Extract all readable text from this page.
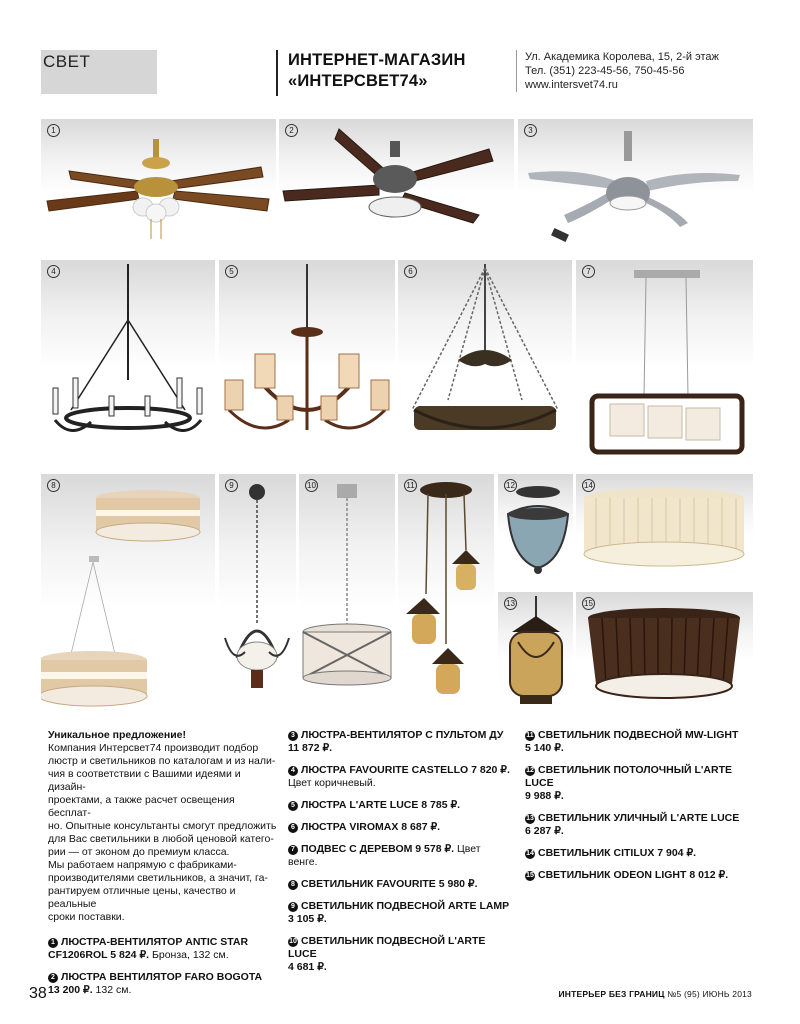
СВЕТ	ИНТЕРНЕТ-МАГАЗИН
«ИНТЕРСВЕТ74»
Ул. Академика Королева, 15, 2-й этаж
Тел. (351) 223-45-56, 750-45-56
www.intersvet74.ru
1	2	3
4	5	6	7
8	9	10	11	12
13
14
15
Уникальное предложение!

Компания Интерсвет74 производит подбор

люстр и светильников по каталогам и из нали-

чия в соответствии с Вашими идеями и дизайн-

проектами, а также расчет освещения бесплат-

но. Опытные консультанты смогут предложить

для Вас светильники в любой ценовой катего-

рии — от эконом до премиум класса.

Мы работаем напрямую с фабриками-

производителями светильников, а значит, га-

рантируем отличные цены, качество и реальные

сроки поставки.

1 ЛЮСТРА-ВЕНТИЛЯТОР ANTIC STAR
CF1206ROL 5 824 ₽. Бронза, 132 см.
2 ЛЮСТРА ВЕНТИЛЯТОР FARO BOGOTA
13 200 ₽. 132 см.
3 ЛЮСТРА-ВЕНТИЛЯТОР С ПУЛЬТОМ ДУ
11 872 ₽.
4 ЛЮСТРА FAVOURITE CASTELLO 7 820 ₽. Цвет коричневый.
5 ЛЮСТРА L'ARTE LUCE 8 785 ₽.
6 ЛЮСТРА VIROMAX 8 687 ₽.
7 ПОДВЕС С ДЕРЕВОМ 9 578 ₽. Цвет венге.
8 СВЕТИЛЬНИК FAVOURITE 5 980 ₽.
9 СВЕТИЛЬНИК ПОДВЕСНОЙ ARTE LAMP
3 105 ₽.
10 СВЕТИЛЬНИК ПОДВЕСНОЙ L'ARTE LUCE
4 681 ₽.
11 СВЕТИЛЬНИК ПОДВЕСНОЙ MW-LIGHT
5 140 ₽.
12 СВЕТИЛЬНИК ПОТОЛОЧНЫЙ L'ARTE LUCE
9 988 ₽.
13 СВЕТИЛЬНИК УЛИЧНЫЙ L'ARTE LUCE
6 287 ₽.
14 СВЕТИЛЬНИК CITILUX 7 904 ₽.
15 СВЕТИЛЬНИК ODEON LIGHT 8 012 ₽.
38	ИНТЕРЬЕР БЕЗ ГРАНИЦ №5 (95) ИЮНЬ 2013
